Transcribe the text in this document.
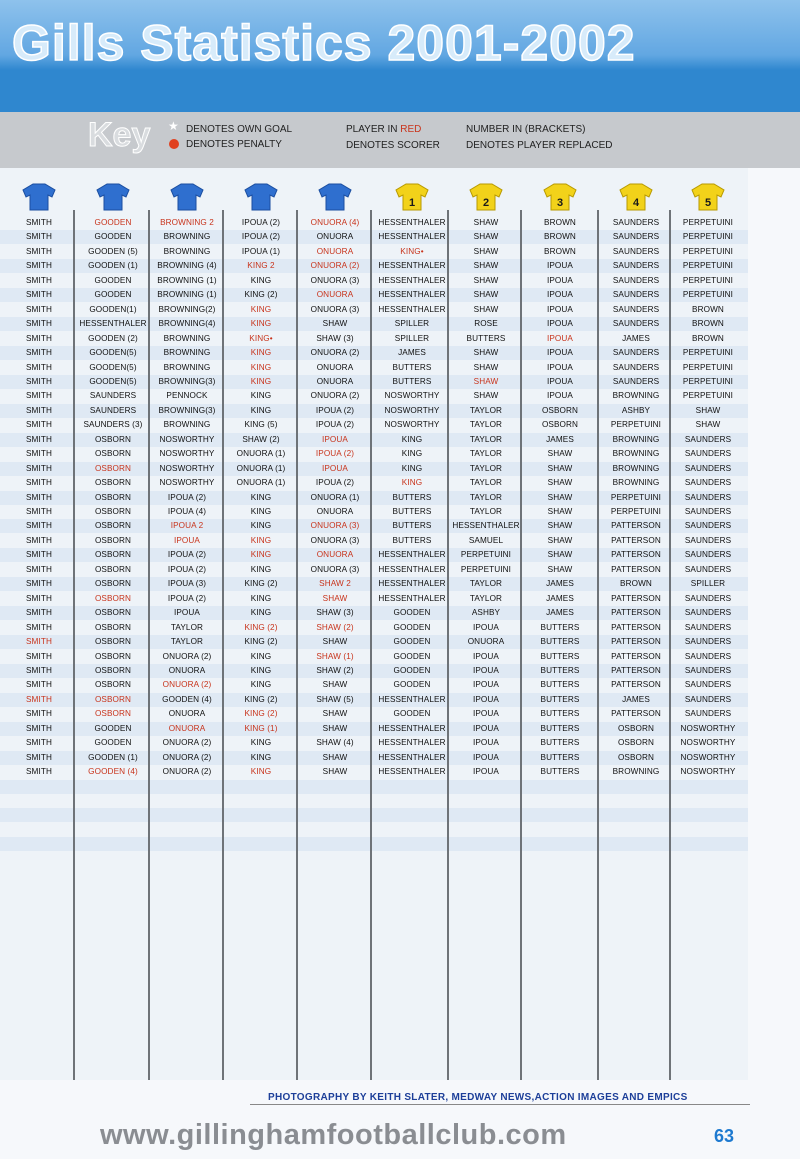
Gills Statistics 2001-2002
Key ★ DENOTES OWN GOAL
DENOTES PENALTY
PLAYER IN RED
DENOTES SCORER
NUMBER IN (BRACKETS)
DENOTES PLAYER REPLACED
1	2	3	4	5
SMITH	GOODEN	BROWNING 2	IPOUA (2)	ONUORA (4)	HESSENTHALER	SHAW	BROWN	SAUNDERS	PERPETUINI
SMITH	GOODEN	BROWNING	IPOUA (2)	ONUORA	HESSENTHALER	SHAW	BROWN	SAUNDERS	PERPETUINI
SMITH	GOODEN (5)	BROWNING	IPOUA (1)	ONUORA	KING•	SHAW	BROWN	SAUNDERS	PERPETUINI
SMITH	GOODEN (1)	BROWNING (4)	KING 2	ONUORA (2)	HESSENTHALER	SHAW	IPOUA	SAUNDERS	PERPETUINI
SMITH	GOODEN	BROWNING (1)	KING	ONUORA (3)	HESSENTHALER	SHAW	IPOUA	SAUNDERS	PERPETUINI
SMITH	GOODEN	BROWNING (1)	KING (2)	ONUORA	HESSENTHALER	SHAW	IPOUA	SAUNDERS	PERPETUINI
SMITH	GOODEN(1)	BROWNING(2)	KING	ONUORA (3)	HESSENTHALER	SHAW	IPOUA	SAUNDERS	BROWN
SMITH	HESSENTHALER	BROWNING(4)	KING	SHAW	SPILLER	ROSE	IPOUA	SAUNDERS	BROWN
SMITH	GOODEN (2)	BROWNING	KING•	SHAW (3)	SPILLER	BUTTERS	IPOUA	JAMES	BROWN
SMITH	GOODEN(5)	BROWNING	KING	ONUORA (2)	JAMES	SHAW	IPOUA	SAUNDERS	PERPETUINI
SMITH	GOODEN(5)	BROWNING	KING	ONUORA	BUTTERS	SHAW	IPOUA	SAUNDERS	PERPETUINI
SMITH	GOODEN(5)	BROWNING(3)	KING	ONUORA	BUTTERS	SHAW	IPOUA	SAUNDERS	PERPETUINI
SMITH	SAUNDERS	PENNOCK	KING	ONUORA (2)	NOSWORTHY	SHAW	IPOUA	BROWNING	PERPETUINI
SMITH	SAUNDERS	BROWNING(3)	KING	IPOUA (2)	NOSWORTHY	TAYLOR	OSBORN	ASHBY	SHAW
SMITH	SAUNDERS (3)	BROWNING	KING (5)	IPOUA (2)	NOSWORTHY	TAYLOR	OSBORN	PERPETUINI	SHAW
SMITH	OSBORN	NOSWORTHY	SHAW (2)	IPOUA	KING	TAYLOR	JAMES	BROWNING	SAUNDERS
SMITH	OSBORN	NOSWORTHY	ONUORA (1)	IPOUA (2)	KING	TAYLOR	SHAW	BROWNING	SAUNDERS
SMITH	OSBORN	NOSWORTHY	ONUORA (1)	IPOUA	KING	TAYLOR	SHAW	BROWNING	SAUNDERS
SMITH	OSBORN	NOSWORTHY	ONUORA (1)	IPOUA (2)	KING	TAYLOR	SHAW	BROWNING	SAUNDERS
SMITH	OSBORN	IPOUA (2)	KING	ONUORA (1)	BUTTERS	TAYLOR	SHAW	PERPETUINI	SAUNDERS
SMITH	OSBORN	IPOUA (4)	KING	ONUORA	BUTTERS	TAYLOR	SHAW	PERPETUINI	SAUNDERS
SMITH	OSBORN	IPOUA 2	KING	ONUORA (3)	BUTTERS	HESSENTHALER	SHAW	PATTERSON	SAUNDERS
SMITH	OSBORN	IPOUA	KING	ONUORA (3)	BUTTERS	SAMUEL	SHAW	PATTERSON	SAUNDERS
SMITH	OSBORN	IPOUA (2)	KING	ONUORA	HESSENTHALER	PERPETUINI	SHAW	PATTERSON	SAUNDERS
SMITH	OSBORN	IPOUA (2)	KING	ONUORA (3)	HESSENTHALER	PERPETUINI	SHAW	PATTERSON	SAUNDERS
SMITH	OSBORN	IPOUA (3)	KING (2)	SHAW 2	HESSENTHALER	TAYLOR	JAMES	BROWN	SPILLER
SMITH	OSBORN	IPOUA (2)	KING	SHAW	HESSENTHALER	TAYLOR	JAMES	PATTERSON	SAUNDERS
SMITH	OSBORN	IPOUA	KING	SHAW (3)	GOODEN	ASHBY	JAMES	PATTERSON	SAUNDERS
SMITH	OSBORN	TAYLOR	KING (2)	SHAW (2)	GOODEN	IPOUA	BUTTERS	PATTERSON	SAUNDERS
SMITH	OSBORN	TAYLOR	KING (2)	SHAW	GOODEN	ONUORA	BUTTERS	PATTERSON	SAUNDERS
SMITH	OSBORN	ONUORA (2)	KING	SHAW (1)	GOODEN	IPOUA	BUTTERS	PATTERSON	SAUNDERS
SMITH	OSBORN	ONUORA	KING	SHAW (2)	GOODEN	IPOUA	BUTTERS	PATTERSON	SAUNDERS
SMITH	OSBORN	ONUORA (2)	KING	SHAW	GOODEN	IPOUA	BUTTERS	PATTERSON	SAUNDERS
SMITH	OSBORN	GOODEN (4)	KING (2)	SHAW (5)	HESSENTHALER	IPOUA	BUTTERS	JAMES	SAUNDERS
SMITH	OSBORN	ONUORA	KING (2)	SHAW	GOODEN	IPOUA	BUTTERS	PATTERSON	SAUNDERS
SMITH	GOODEN	ONUORA	KING (1)	SHAW	HESSENTHALER	IPOUA	BUTTERS	OSBORN	NOSWORTHY
SMITH	GOODEN	ONUORA (2)	KING	SHAW (4)	HESSENTHALER	IPOUA	BUTTERS	OSBORN	NOSWORTHY
SMITH	GOODEN (1)	ONUORA (2)	KING	SHAW	HESSENTHALER	IPOUA	BUTTERS	OSBORN	NOSWORTHY
SMITH	GOODEN (4)	ONUORA (2)	KING	SHAW	HESSENTHALER	IPOUA	BUTTERS	BROWNING	NOSWORTHY
PHOTOGRAPHY BY KEITH SLATER, MEDWAY NEWS,ACTION IMAGES AND EMPICS
www.gillinghamfootballclub.com	63
